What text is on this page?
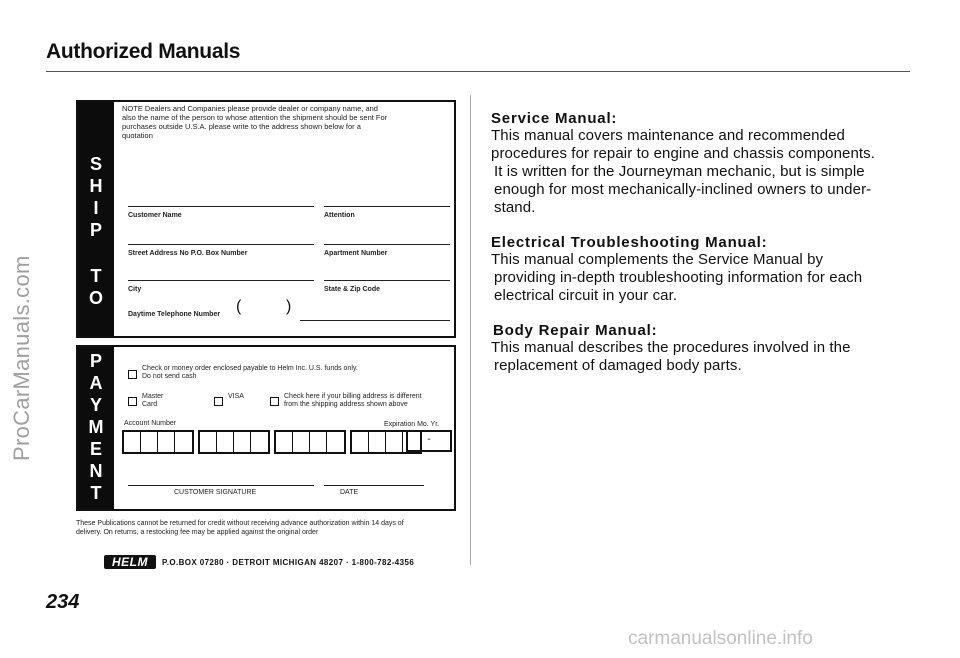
Authorized Manuals
ProCarManuals.com
S
H
I
P
T
O
NOTE Dealers and Companies please provide dealer or company name, and
also the name of the person to whose attention the shipment should be sent For
purchases outside U.S.A. please write to the address shown below for a
quotation
Customer Name	Attention
Street Address No P.O. Box Number	Apartment Number
City	State & Zip Code
Daytime Telephone Number (	)
P
A
Y
M
E
N
T
Check or money order enclosed payable to Helm Inc. U.S. funds only.
Do not send cash
Master
Card
VISA	Check here if your billing address is different
from the shipping address shown above
Account Number	Expiration Mo. Yr.
-
CUSTOMER SIGNATURE	DATE
These Publications cannot be returned for credit without receiving advance authorization within 14 days of
delivery. On returns, a restocking fee may be applied against the original order
HELM	P.O.BOX 07280 · DETROIT MICHIGAN 48207 · 1-800-782-4356
Service Manual:
This manual covers maintenance and recommended
procedures for repair to engine and chassis components.
It is written for the Journeyman mechanic, but is simple
enough for most mechanically-inclined owners to under-
stand.
Electrical Troubleshooting Manual:
This manual complements the Service Manual by
providing in-depth troubleshooting information for each
electrical circuit in your car.
Body Repair Manual:
This manual describes the procedures involved in the
replacement of damaged body parts.
234
carmanualsonline.info
